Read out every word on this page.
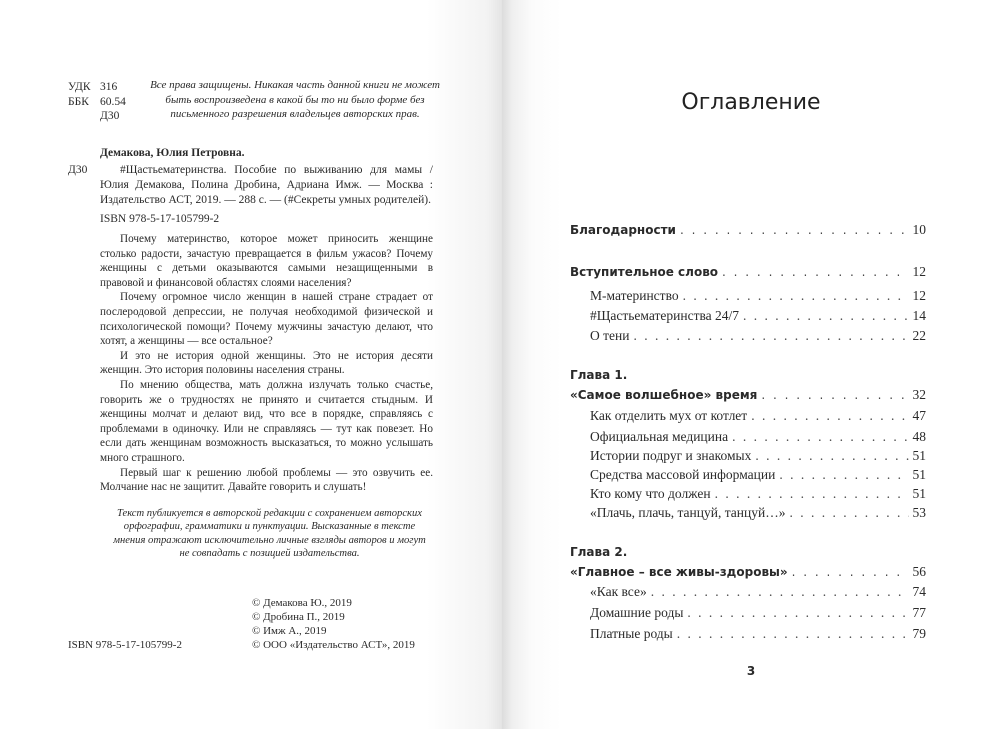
УДК 316
ББК 60.54
Д30
Все права защищены. Никакая часть данной книги не может быть воспроизведена в какой бы то ни было форме без письменного разрешения владельцев авторских прав.
Демакова, Юлия Петровна.
Д30	#Щастьематеринства. Пособие по выживанию для мамы / Юлия Демакова, Полина Дробина, Адриана Имж. — Москва : Издательство АСТ, 2019. — 288 с. — (#Секреты умных родителей).
ISBN 978-5-17-105799-2

Почему материнство, которое может приносить женщине столько радости, зачастую превращается в фильм ужасов? Почему женщины с детьми оказываются самыми незащищенными в правовой и финансовой областях слоями населения?

Почему огромное число женщин в нашей стране страдает от послеродовой депрессии, не получая необходимой физической и психологической помощи? Почему мужчины зачастую делают, что хотят, а женщины — все остальное?

И это не история одной женщины. Это не история десяти женщин. Это история половины населения страны.

По мнению общества, мать должна излучать только счастье, говорить же о трудностях не принято и считается стыдным. И женщины молчат и делают вид, что все в порядке, справляясь с проблемами в одиночку. Или не справляясь — тут как повезет. Но если дать женщинам возможность высказаться, то можно услышать много страшного.

Первый шаг к решению любой проблемы — это озвучить ее. Молчание нас не защитит. Давайте говорить и слушать!

Текст публикуется в авторской редакции с сохранением авторских орфографии, грамматики и пунктуации. Высказанные в тексте мнения отражают исключительно личные взгляды авторов и могут не совпадать с позицией издательства.
ISBN 978-5-17-105799-2
© Демакова Ю., 2019
© Дробина П., 2019
© Имж А., 2019
© ООО «Издательство АСТ», 2019
Оглавление
Глава 1.
Глава 2.
Благодарности . . .	10
Вступительное слово . . .	12
М-материнство . . .	12
#Щастьематеринства 24/7 . . .	14
О тени . . .	22
«Самое волшебное» время . . .	32
Как отделить мух от котлет . . .	47
Официальная медицина . . .	48
Истории подруг и знакомых . . .	51
Средства массовой информации . . .	51
Кто кому что должен . . .	51
«Плачь, плачь, танцуй, танцуй…» . . .	53
«Главное – все живы-здоровы» . . .	56
«Как все» . . .	74
Домашние роды . . .	77
Платные роды . . .	79
3
